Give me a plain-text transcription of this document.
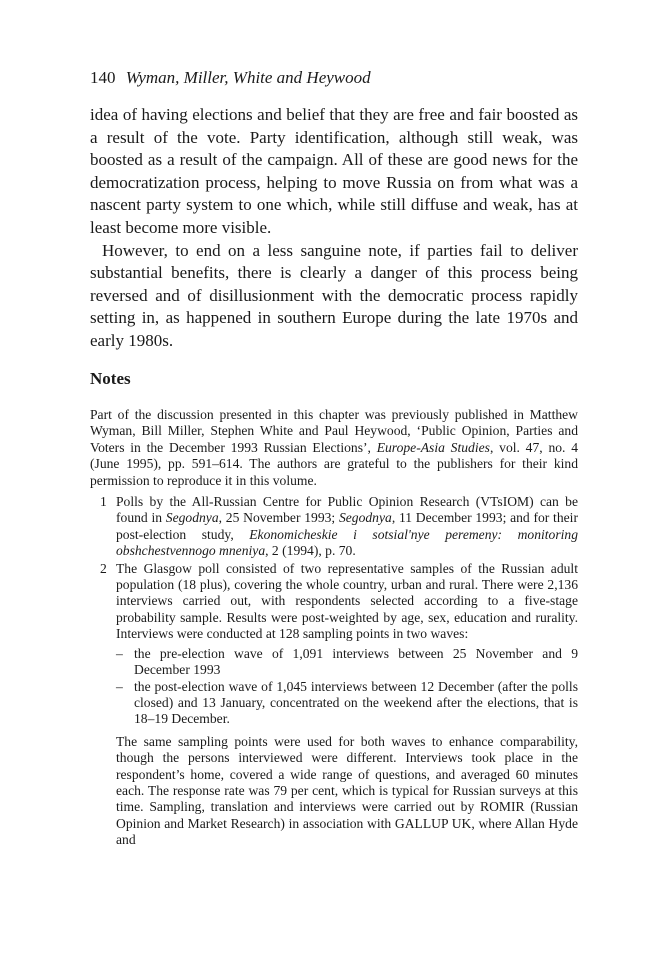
140 Wyman, Miller, White and Heywood

idea of having elections and belief that they are free and fair boosted as a result of the vote. Party identification, although still weak, was boosted as a result of the campaign. All of these are good news for the democratization process, helping to move Russia on from what was a nascent party system to one which, while still diffuse and weak, has at least become more visible.

However, to end on a less sanguine note, if parties fail to deliver substantial benefits, there is clearly a danger of this process being reversed and of disillusionment with the democratic process rapidly setting in, as happened in southern Europe during the late 1970s and early 1980s.

Notes

Part of the discussion presented in this chapter was previously published in Matthew Wyman, Bill Miller, Stephen White and Paul Heywood, ‘Public Opinion, Parties and Voters in the December 1993 Russian Elections’, Europe-Asia Studies, vol. 47, no. 4 (June 1995), pp. 591–614. The authors are grateful to the publishers for their kind permission to reproduce it in this volume.

1 Polls by the All-Russian Centre for Public Opinion Research (VTsIOM) can be found in Segodnya, 25 November 1993; Segodnya, 11 December 1993; and for their post-election study, Ekonomicheskie i sotsial'nye peremeny: monitoring obshchestvennogo mneniya, 2 (1994), p. 70.
2 The Glasgow poll consisted of two representative samples of the Russian adult population (18 plus), covering the whole country, urban and rural. There were 2,136 interviews carried out, with respondents selected according to a five-stage probability sample. Results were post-weighted by age, sex, education and rurality. Interviews were conducted at 128 sampling points in two waves:
– the pre-election wave of 1,091 interviews between 25 November and 9 December 1993
– the post-election wave of 1,045 interviews between 12 December (after the polls closed) and 13 January, concentrated on the weekend after the elections, that is 18–19 December.

The same sampling points were used for both waves to enhance comparability, though the persons interviewed were different. Interviews took place in the respondent’s home, covered a wide range of questions, and averaged 60 minutes each. The response rate was 79 per cent, which is typical for Russian surveys at this time. Sampling, translation and interviews were carried out by ROMIR (Russian Opinion and Market Research) in association with GALLUP UK, where Allan Hyde and
